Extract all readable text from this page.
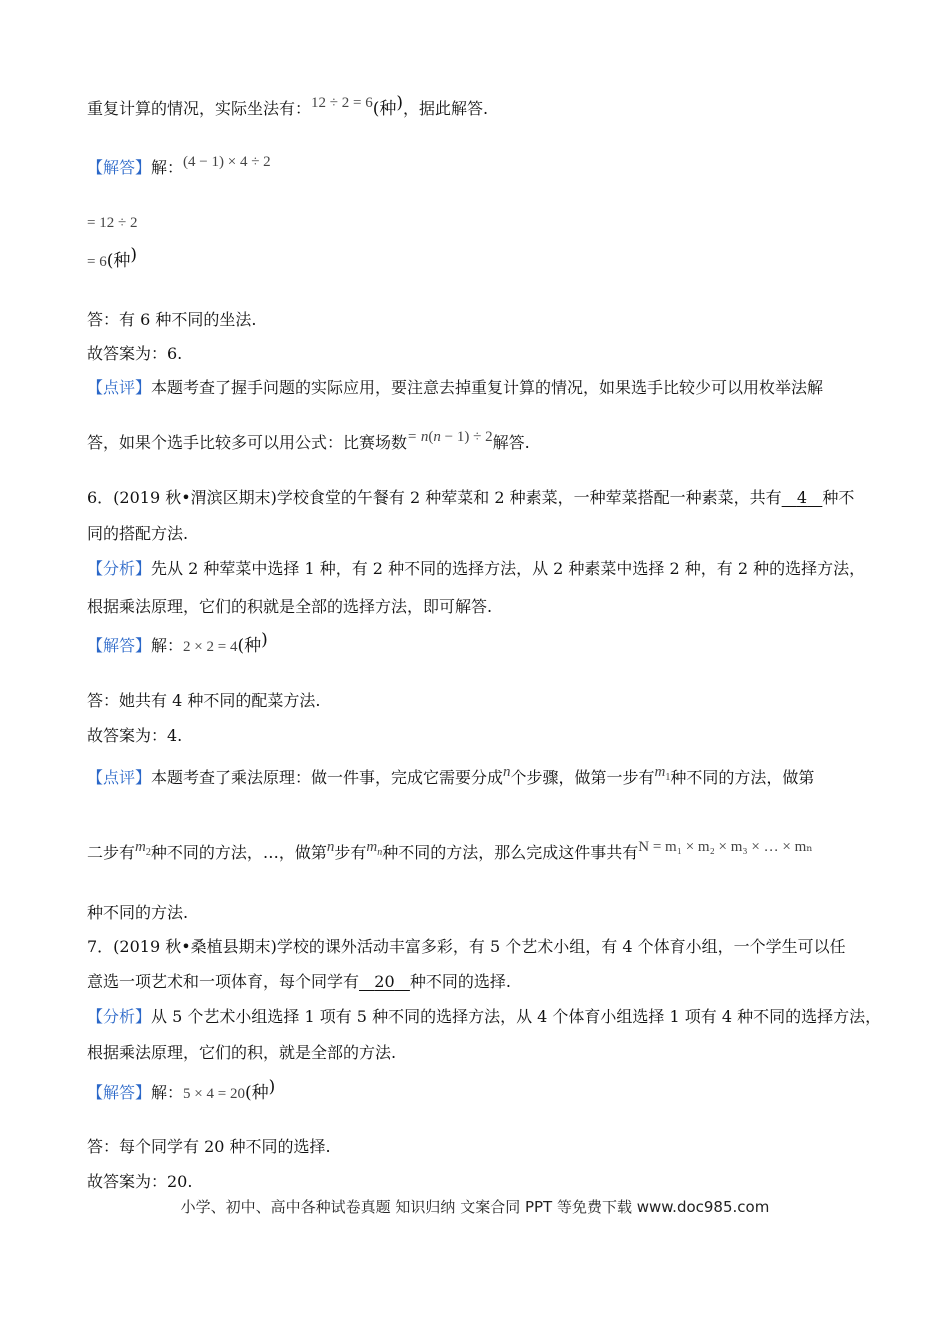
重复计算的情况，实际坐法有：12 ÷ 2 = 6(种)，据此解答.
【解答】解：(4 − 1) × 4 ÷ 2
= 12 ÷ 2
= 6(种)
答：有 6 种不同的坐法.
故答案为：6.
【点评】本题考查了握手问题的实际应用，要注意去掉重复计算的情况，如果选手比较少可以用枚举法解
答，如果个选手比较多可以用公式：比赛场数= n(n − 1) ÷ 2解答.
6．(2019 秋•渭滨区期末)学校食堂的午餐有 2 种荤菜和 2 种素菜，一种荤菜搭配一种素菜，共有 4 种不
同的搭配方法.
【分析】先从 2 种荤菜中选择 1 种，有 2 种不同的选择方法，从 2 种素菜中选择 2 种，有 2 种的选择方法，
根据乘法原理，它们的积就是全部的选择方法，即可解答.
【解答】解：2 × 2 = 4(种)
答：她共有 4 种不同的配菜方法.
故答案为：4.
【点评】本题考查了乘法原理：做一件事，完成它需要分成n个步骤，做第一步有$m_1$种不同的方法，做第
二步有$m_2$种不同的方法，…，做第n步有$m_n$种不同的方法，那么完成这件事共有N = m₁ × m₂ × m₃ × … × mₙ
种不同的方法.
7．(2019 秋•桑植县期末)学校的课外活动丰富多彩，有 5 个艺术小组，有 4 个体育小组，一个学生可以任
意选一项艺术和一项体育，每个同学有 20 种不同的选择.
【分析】从 5 个艺术小组选择 1 项有 5 种不同的选择方法，从 4 个体育小组选择 1 项有 4 种不同的选择方法，
根据乘法原理，它们的积，就是全部的方法.
【解答】解：5 × 4 = 20(种)
答：每个同学有 20 种不同的选择.
故答案为：20.
小学、初中、高中各种试卷真题 知识归纳 文案合同 PPT 等免费下载 www.doc985.com
